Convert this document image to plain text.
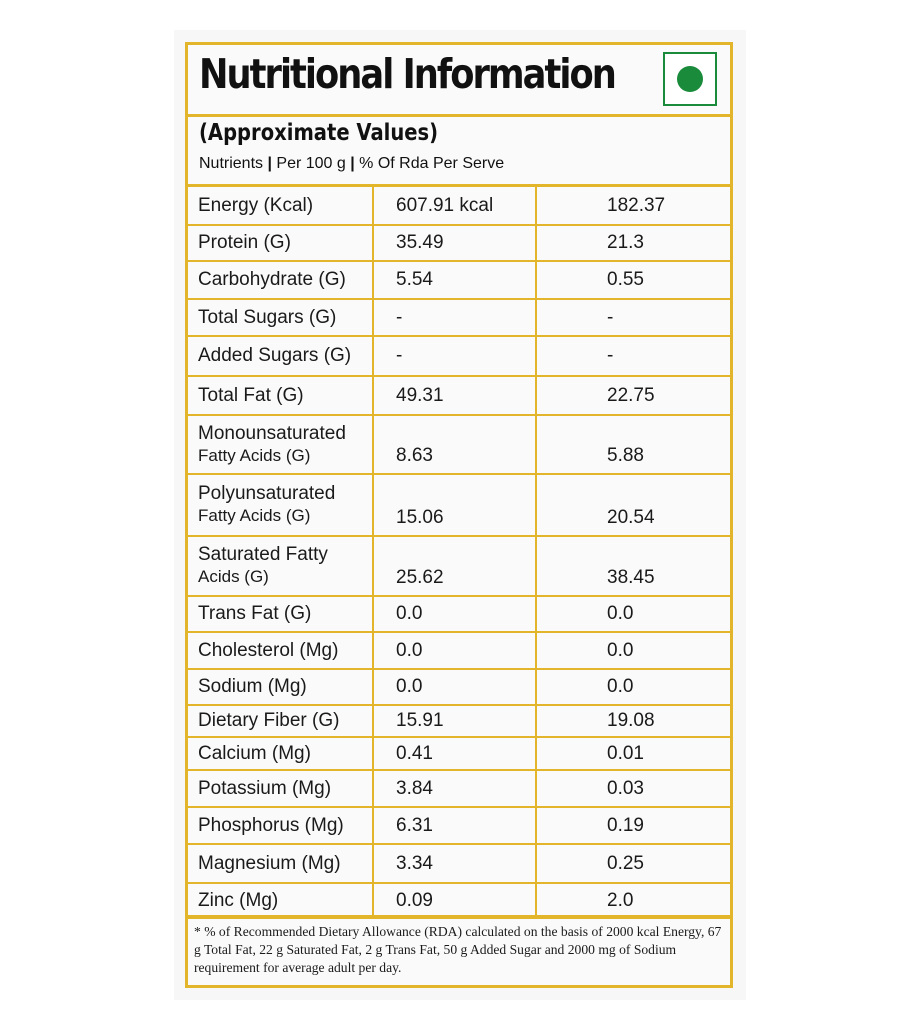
Nutritional Information
(Approximate Values)
Nutrients | Per 100 g | % Of Rda Per Serve
Energy (Kcal)	607.91 kcal	182.37
Protein (G)	35.49	21.3
Carbohydrate (G)	5.54	0.55
Total Sugars (G)	-	-
Added Sugars (G)	-	-
Total Fat (G)	49.31	22.75

Monounsaturated
Fatty Acids (G)	8.63	5.88

Polyunsaturated
Fatty Acids (G)	15.06	20.54

Saturated Fatty
Acids (G)	25.62	38.45
Trans Fat (G)	0.0	0.0
Cholesterol (Mg)	0.0	0.0
Sodium (Mg)	0.0	0.0
Dietary Fiber (G)	15.91	19.08
Calcium (Mg)	0.41	0.01
Potassium (Mg)	3.84	0.03
Phosphorus (Mg)	6.31	0.19
Magnesium (Mg)	3.34	0.25
Zinc (Mg)	0.09	2.0
* % of Recommended Dietary Allowance (RDA) calculated on the basis of 2000 kcal Energy, 67 g Total Fat, 22 g Saturated Fat, 2 g Trans Fat, 50 g Added Sugar and 2000 mg of Sodium requirement for average adult per day.
